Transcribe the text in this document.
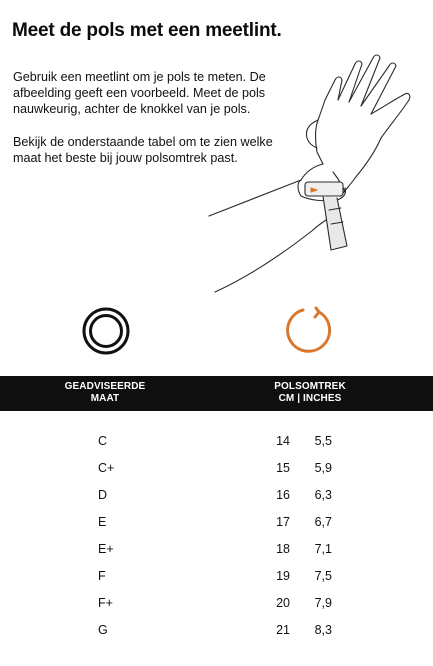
Meet de pols met een meetlint.

Gebruik een meetlint om je pols te meten. De afbeelding geeft een voorbeeld. Meet de pols nauwkeurig, achter de knokkel van je pols.

Bekijk de onderstaande tabel om te zien welke maat het beste bij jouw polsomtrek past.

GEADVISEERDE
MAAT
POLSOMTREK
CM | INCHES
C	14	5,5
C+	15	5,9
D	16	6,3
E	17	6,7
E+	18	7,1
F	19	7,5
F+	20	7,9
G	21	8,3
